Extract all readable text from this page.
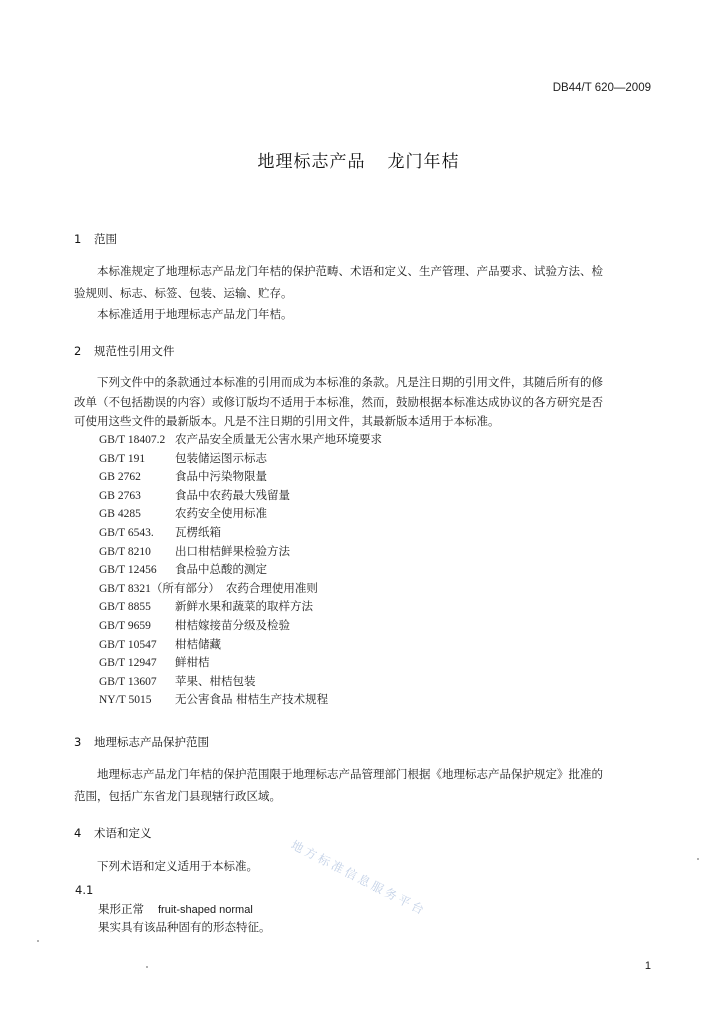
DB44/T 620—2009
地理标志产品 龙门年桔
1 范围
本标准规定了地理标志产品龙门年桔的保护范畴、术语和定义、生产管理、产品要求、试验方法、检
验规则、标志、标签、包装、运输、贮存。
本标准适用于地理标志产品龙门年桔。
2 规范性引用文件
下列文件中的条款通过本标准的引用而成为本标准的条款。凡是注日期的引用文件，其随后所有的修
改单（不包括勘误的内容）或修订版均不适用于本标准，然而，鼓励根据本标准达成协议的各方研究是否
可使用这些文件的最新版本。凡是不注日期的引用文件，其最新版本适用于本标准。
GB/T 18407.2 农产品安全质量无公害水果产地环境要求
GB/T 191	包装储运图示标志
GB 2762	食品中污染物限量
GB 2763	食品中农药最大残留量
GB 4285	农药安全使用标准
GB/T 6543. 瓦楞纸箱
GB/T 8210 出口柑桔鲜果检验方法
GB/T 12456 食品中总酸的测定
GB/T 8321（所有部分） 农药合理使用准则
GB/T 8855 新鲜水果和蔬菜的取样方法
GB/T 9659 柑桔嫁接苗分级及检验
GB/T 10547 柑桔储藏
GB/T 12947 鲜柑桔
GB/T 13607 苹果、柑桔包装
NY/T 5015 无公害食品 柑桔生产技术规程
3 地理标志产品保护范围
地理标志产品龙门年桔的保护范围限于地理标志产品管理部门根据《地理标志产品保护规定》批准的
范围，包括广东省龙门县现辖行政区域。
4 术语和定义
下列术语和定义适用于本标准。
4.1
果形正常 fruit-shaped normal
果实具有该品种固有的形态特征。
地方标准信息服务平台
1
